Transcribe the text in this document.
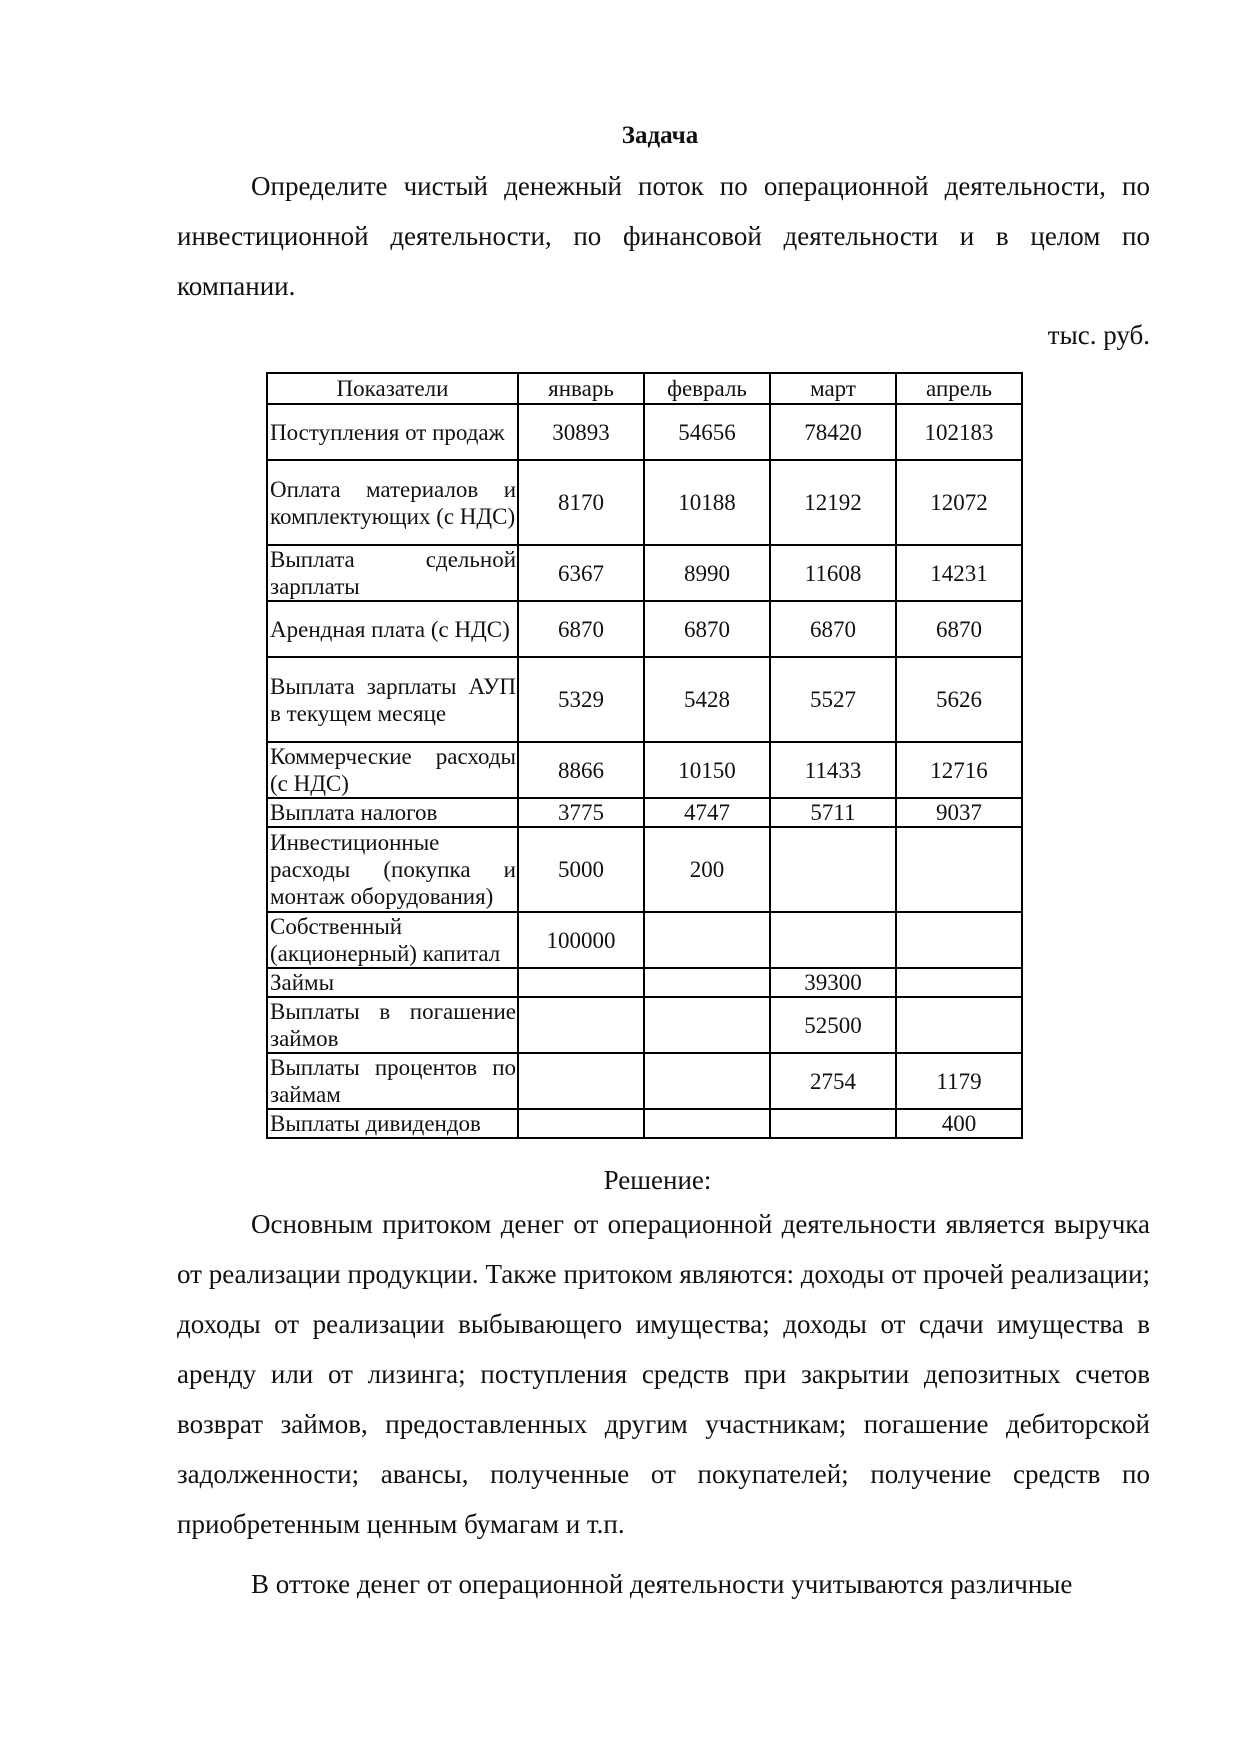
Задача

Определите чистый денежный поток по операционной деятельности, по инвестиционной деятельности, по финансовой деятельности и в целом по компании.

тыс. руб.
Показатели	январь	февраль	март	апрель
Поступления от продаж	30893	54656	78420	102183
Оплата материалов и комплектующих (с НДС)	8170	10188	12192	12072
Выплата сдельной зарплаты	6367	8990	11608	14231
Арендная плата (с НДС)	6870	6870	6870	6870
Выплата зарплаты АУП в текущем месяце	5329	5428	5527	5626
Коммерческие расходы (с НДС)	8866	10150	11433	12716
Выплата налогов	3775	4747	5711	9037
Инвестиционные расходы (покупка и монтаж оборудования)	5000	200		
Собственный (акционерный) капитал	100000			
Займы			39300	
Выплаты в погашение займов			52500	
Выплаты процентов по займам			2754	1179
Выплаты дивидендов				400
Решение:

Основным притоком денег от операционной деятельности является выручка от реализации продукции. Также притоком являются: доходы от прочей реализации; доходы от реализации выбывающего имущества; доходы от сдачи имущества в аренду или от лизинга; поступления средств при закрытии депозитных счетов возврат займов, предоставленных другим участникам; погашение дебиторской задолженности; авансы, полученные от покупателей; получение средств по приобретенным ценным бумагам и т.п.

В оттоке денег от операционной деятельности учитываются различные
